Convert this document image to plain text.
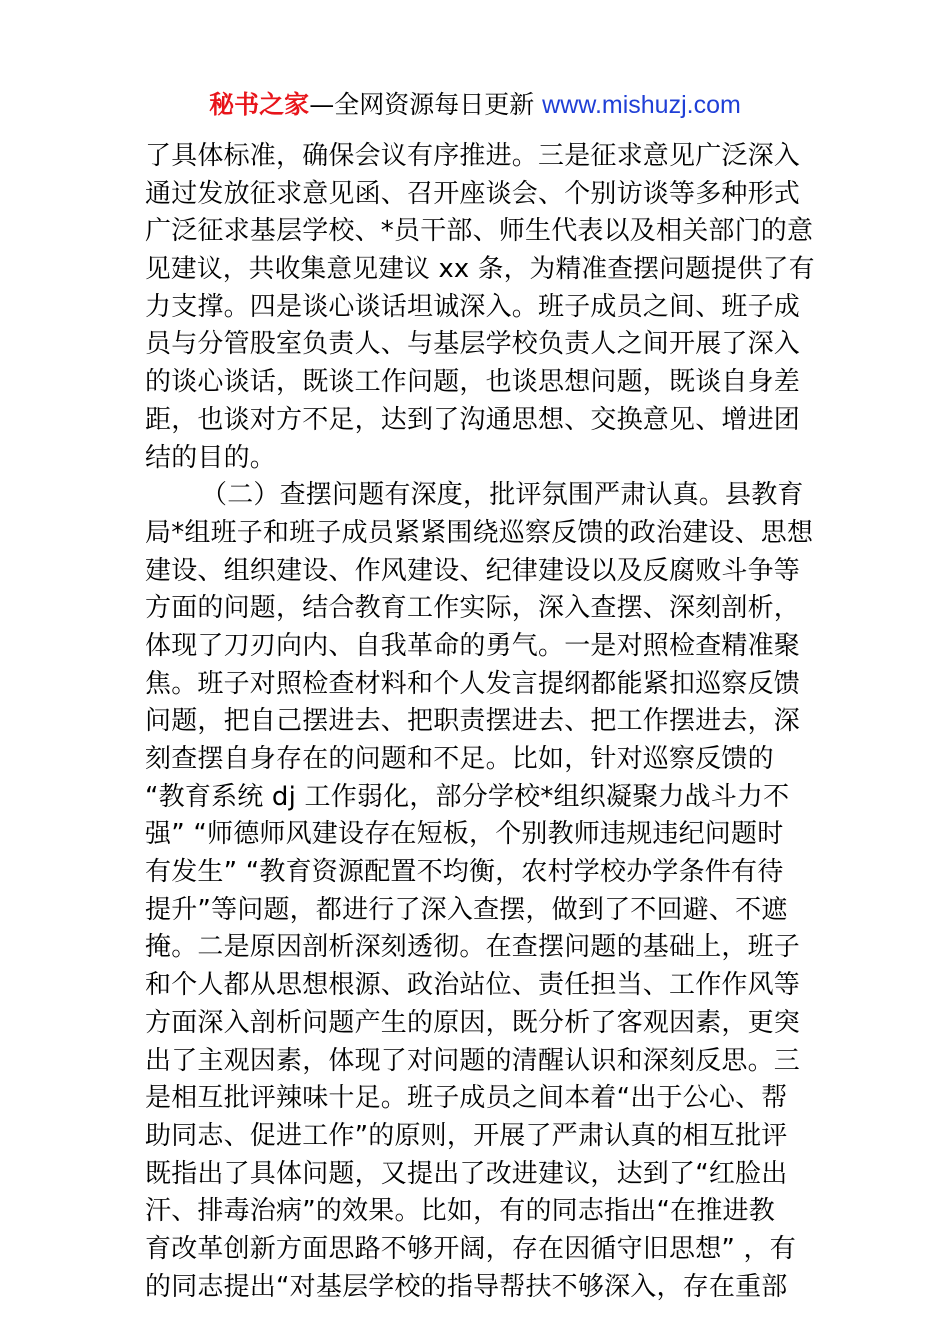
秘书之家—全网资源每日更新 www.mishuzj.com
了具体标准，确保会议有序推进。三是征求意见广泛深入
通过发放征求意见函、召开座谈会、个别访谈等多种形式
广泛征求基层学校、*员干部、师生代表以及相关部门的意
见建议，共收集意见建议 xx 条，为精准查摆问题提供了有
力支撑。四是谈心谈话坦诚深入。班子成员之间、班子成
员与分管股室负责人、与基层学校负责人之间开展了深入
的谈心谈话，既谈工作问题，也谈思想问题，既谈自身差
距，也谈对方不足，达到了沟通思想、交换意见、增进团
结的目的。
（二）查摆问题有深度，批评氛围严肃认真。县教育
局*组班子和班子成员紧紧围绕巡察反馈的政治建设、思想
建设、组织建设、作风建设、纪律建设以及反腐败斗争等
方面的问题，结合教育工作实际，深入查摆、深刻剖析，
体现了刀刃向内、自我革命的勇气。一是对照检查精准聚
焦。班子对照检查材料和个人发言提纲都能紧扣巡察反馈
问题，把自己摆进去、把职责摆进去、把工作摆进去，深
刻查摆自身存在的问题和不足。比如，针对巡察反馈的
“教育系统 dj 工作弱化，部分学校*组织凝聚力战斗力不
强” “师德师风建设存在短板，个别教师违规违纪问题时
有发生” “教育资源配置不均衡，农村学校办学条件有待
提升”等问题，都进行了深入查摆，做到了不回避、不遮
掩。二是原因剖析深刻透彻。在查摆问题的基础上，班子
和个人都从思想根源、政治站位、责任担当、工作作风等
方面深入剖析问题产生的原因，既分析了客观因素，更突
出了主观因素，体现了对问题的清醒认识和深刻反思。三
是相互批评辣味十足。班子成员之间本着“出于公心、帮
助同志、促进工作”的原则，开展了严肃认真的相互批评
既指出了具体问题，又提出了改进建议，达到了“红脸出
汗、排毒治病”的效果。比如，有的同志指出“在推进教
育改革创新方面思路不够开阔，存在因循守旧思想” ，有
的同志提出“对基层学校的指导帮扶不够深入，存在重部
